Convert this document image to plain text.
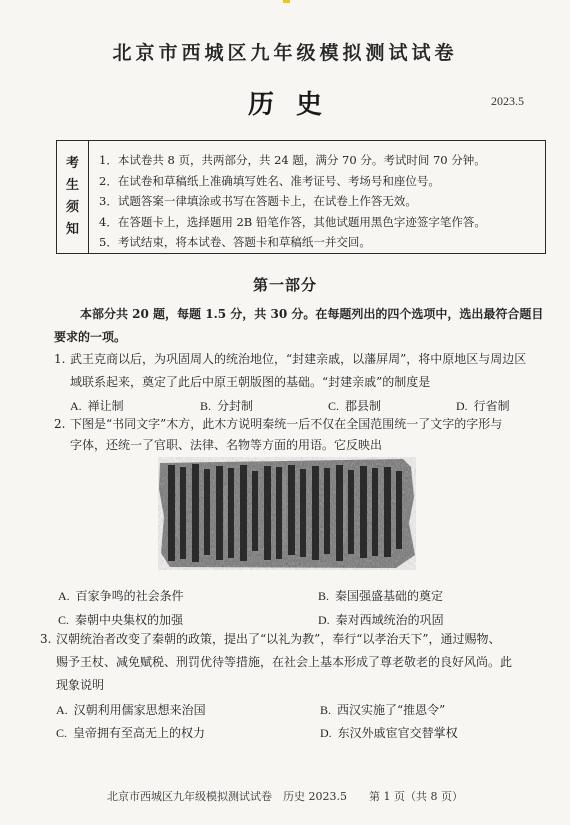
北京市西城区九年级模拟测试试卷
历史	2023.5
考
生
须
知
1．本试卷共 8 页，共两部分，共 24 题，满分 70 分。考试时间 70 分钟。
2．在试卷和草稿纸上准确填写姓名、准考证号、考场号和座位号。
3．试题答案一律填涂或书写在答题卡上，在试卷上作答无效。
4．在答题卡上，选择题用 2B 铅笔作答，其他试题用黑色字迹签字笔作答。
5．考试结束，将本试卷、答题卡和草稿纸一并交回。
第一部分
本部分共 20 题，每题 1.5 分，共 30 分。在每题列出的四个选项中，选出最符合题目要求的一项。
1. 武王克商以后，为巩固周人的统治地位，“封建亲戚，以藩屏周”，将中原地区与周边区
域联系起来，奠定了此后中原王朝版图的基础。“封建亲戚”的制度是
A. 禅让制	B. 分封制	C. 郡县制	D. 行省制
2. 下图是“书同文字”木方，此木方说明秦统一后不仅在全国范围统一了文字的字形与
字体，还统一了官职、法律、名物等方面的用语。它反映出
A. 百家争鸣的社会条件	B. 秦国强盛基础的奠定
C. 秦朝中央集权的加强	D. 秦对西域统治的巩固
3. 汉朝统治者改变了秦朝的政策，提出了“以礼为教”，奉行“以孝治天下”，通过赐物、
赐予王杖、减免赋税、刑罚优待等措施，在社会上基本形成了尊老敬老的良好风尚。此
现象说明
A. 汉朝利用儒家思想来治国	B. 西汉实施了“推恩令”
C. 皇帝拥有至高无上的权力	D. 东汉外戚宦官交替掌权
北京市西城区九年级模拟测试试卷　历史 2023.5　　第 1 页（共 8 页）
